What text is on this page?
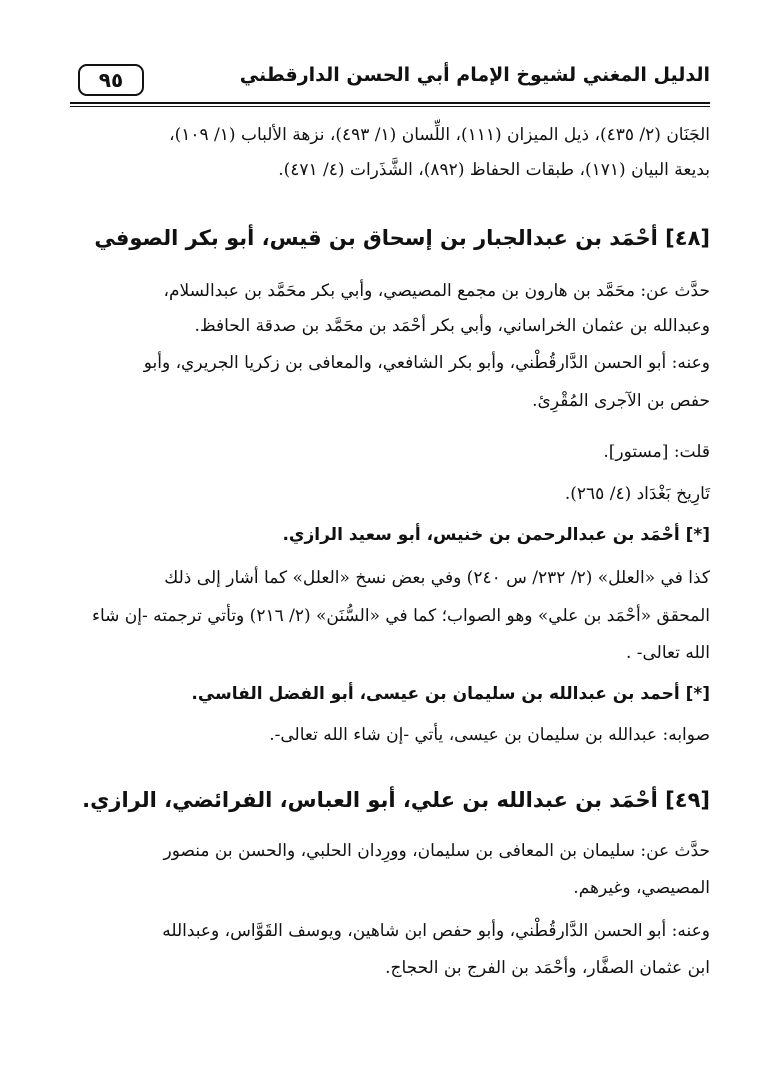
٩٥	الدليل المغني لشيوخ الإمام أبي الحسن الدارقطني
الجَنَان (٢/ ٤٣٥)، ذيل الميزان (١١١)، اللِّسان (١/ ٤٩٣)، نزهة الألباب (١/ ١٠٩)،
بديعة البيان (١٧١)، طبقات الحفاظ (٨٩٢)، الشَّذَرات (٤/ ٤٧١).
[٤٨] أحْمَد بن عبدالجبار بن إسحاق بن قيس، أبو بكر الصوفي
حدَّث عن: محَمَّد بن هارون بن مجمع المصيصي، وأبي بكر محَمَّد بن عبدالسلام،
وعبدالله بن عثمان الخراساني، وأبي بكر أحْمَد بن محَمَّد بن صدقة الحافظ.
وعنه: أبو الحسن الدَّارقُطْني، وأبو بكر الشافعي، والمعافى بن زكريا الجريري، وأبو
حفص بن الآجرى المُقْرِئ.
قلت: [مستور].
تَارِيخ بَغْدَاد (٤/ ٢٦٥).
[*] أحْمَد بن عبدالرحمن بن خنيس، أبو سعيد الرازي.
كذا في «العلل» (٢/ ٢٣٢/ س ٢٤٠) وفي بعض نسخ «العلل» كما أشار إلى ذلك
المحقق «أحْمَد بن علي» وهو الصواب؛ كما في «السُّنَن» (٢/ ٢١٦) وتأتي ترجمته -إن شاء
الله تعالى- .
[*] أحمد بن عبدالله بن سليمان بن عيسى، أبو الفضل الفاسي.
صوابه: عبدالله بن سليمان بن عيسى، يأتي -إن شاء الله تعالى-.
[٤٩] أحْمَد بن عبدالله بن علي، أبو العباس، الفرائضي، الرازي.
حدَّث عن: سليمان بن المعافى بن سليمان، وورِدان الحلبي، والحسن بن منصور
المصيصي، وغيرهم.
وعنه: أبو الحسن الدَّارقُطْني، وأبو حفص ابن شاهين، ويوسف القَوَّاس، وعبدالله
ابن عثمان الصفَّار، وأحْمَد بن الفرج بن الحجاج.
